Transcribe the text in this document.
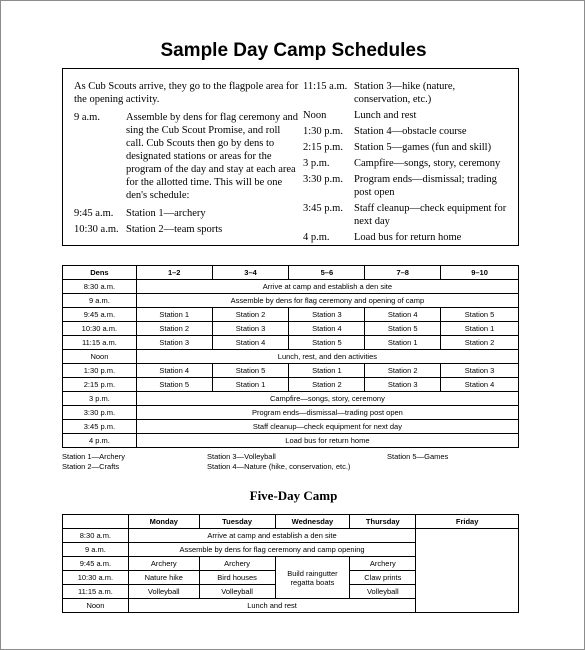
Sample Day Camp Schedules
As Cub Scouts arrive, they go to the flagpole area for the opening activity.
9 a.m.	Assemble by dens for flag ceremony and sing the Cub Scout Promise, and roll call. Cub Scouts then go by dens to designated stations or areas for the program of the day and stay at each area for the allotted time. This will be one den's schedule:
9:45 a.m.	Station 1—archery
10:30 a.m. Station 2—team sports
11:15 a.m. Station 3—hike (nature, conservation, etc.)
Noon	Lunch and rest
1:30 p.m.	Station 4—obstacle course
2:15 p.m.	Station 5—games (fun and skill)
3 p.m.	Campfire—songs, story, ceremony
3:30 p.m.	Program ends—dismissal; trading post open
3:45 p.m.	Staff cleanup—check equipment for next day
4 p.m.	Load bus for return home
Dens	1–2	3–4	5–6	7–8	9–10
8:30 a.m.	Arrive at camp and establish a den site				
9 a.m.	Assemble by dens for flag ceremony and opening of camp				
9:45 a.m.	Station 1	Station 2	Station 3	Station 4	Station 5
10:30 a.m.	Station 2	Station 3	Station 4	Station 5	Station 1
11:15 a.m.	Station 3	Station 4	Station 5	Station 1	Station 2
Noon	Lunch, rest, and den activities				
1:30 p.m.	Station 4	Station 5	Station 1	Station 2	Station 3
2:15 p.m.	Station 5	Station 1	Station 2	Station 3	Station 4
3 p.m.	Campfire—songs, story, ceremony				
3:30 p.m.	Program ends—dismissal—trading post open				
3:45 p.m.	Staff cleanup—check equipment for next day				
4 p.m.	Load bus for return home				
Station 1—Archery
Station 2—Crafts
Station 3—Volleyball
Station 4—Nature (hike, conservation, etc.)
Station 5—Games
Five-Day Camp
	Monday	Tuesday	Wednesday	Thursday	Friday
8:30 a.m.	Arrive at camp and establish a den site				
9 a.m.	Assemble by dens for flag ceremony and camp opening				
9:45 a.m.	Archery	Archery	Build raingutter regatta boats	Archery	
10:30 a.m.	Nature hike	Bird houses		Claw prints	
11:15 a.m.	Volleyball	Volleyball		Volleyball	
Noon	Lunch and rest				
